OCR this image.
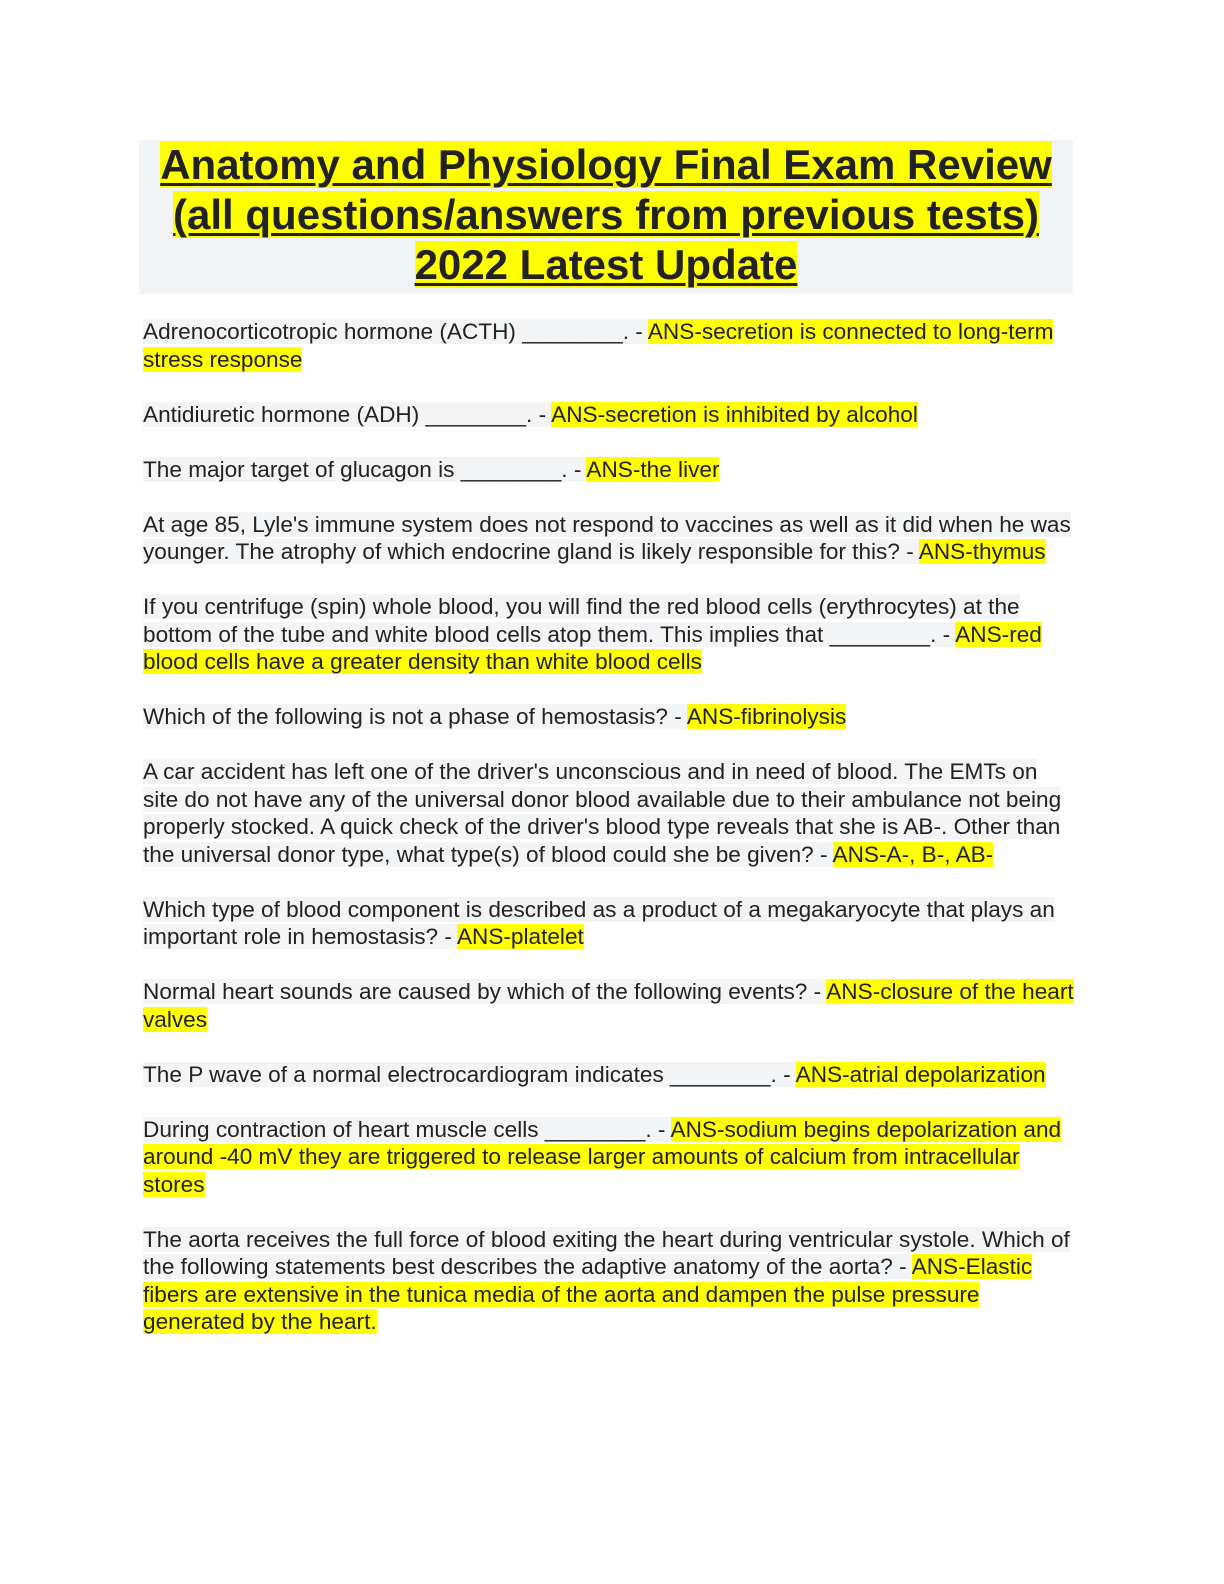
Anatomy and Physiology Final Exam Review
(all questions/answers from previous tests)
2022 Latest Update

Adrenocorticotropic hormone (ACTH) ________. - ANS-secretion is connected to long-term stress response

Antidiuretic hormone (ADH) ________. - ANS-secretion is inhibited by alcohol

The major target of glucagon is ________. - ANS-the liver

At age 85, Lyle's immune system does not respond to vaccines as well as it did when he was younger. The atrophy of which endocrine gland is likely responsible for this? - ANS-thymus

If you centrifuge (spin) whole blood, you will find the red blood cells (erythrocytes) at the bottom of the tube and white blood cells atop them. This implies that ________. - ANS-red blood cells have a greater density than white blood cells

Which of the following is not a phase of hemostasis? - ANS-fibrinolysis

A car accident has left one of the driver's unconscious and in need of blood. The EMTs on site do not have any of the universal donor blood available due to their ambulance not being properly stocked. A quick check of the driver's blood type reveals that she is AB-. Other than the universal donor type, what type(s) of blood could she be given? - ANS-A-, B-, AB-

Which type of blood component is described as a product of a megakaryocyte that plays an important role in hemostasis? - ANS-platelet

Normal heart sounds are caused by which of the following events? - ANS-closure of the heart valves

The P wave of a normal electrocardiogram indicates ________. - ANS-atrial depolarization

During contraction of heart muscle cells ________. - ANS-sodium begins depolarization and around -40 mV they are triggered to release larger amounts of calcium from intracellular stores

The aorta receives the full force of blood exiting the heart during ventricular systole. Which of the following statements best describes the adaptive anatomy of the aorta? - ANS-Elastic fibers are extensive in the tunica media of the aorta and dampen the pulse pressure generated by the heart.
